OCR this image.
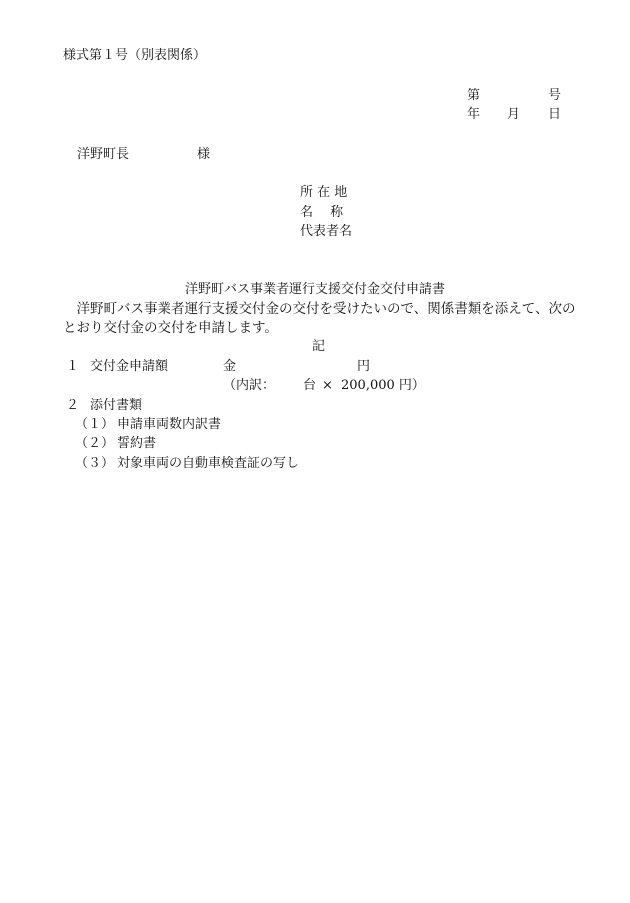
様式第１号（別表関係）
第	号
年 月 日
洋野町長	様
所 在 地
名　 称
代表者名
洋野町バス事業者運行支援交付金交付申請書
　洋野町バス事業者運行支援交付金の交付を受けたいので、関係書類を添えて、次の
とおり交付金の交付を申請します。
記
１ 交付金申請額	金	円
（内訳： 台 × 200,000 円）
２ 添付書類
（１） 申請車両数内訳書
（２） 誓約書
（３） 対象車両の自動車検査証の写し
